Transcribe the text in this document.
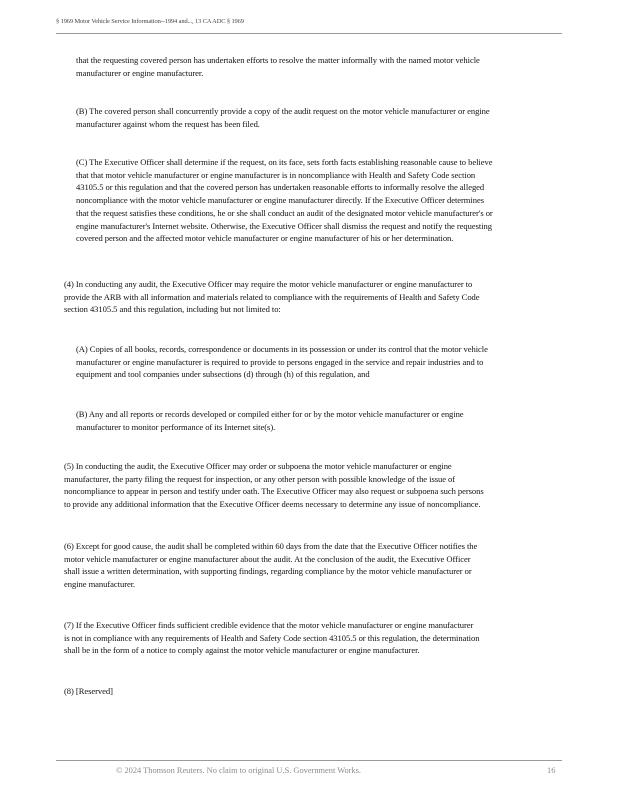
§ 1969 Motor Vehicle Service Information--1994 and..., 13 CA ADC § 1969

that the requesting covered person has undertaken efforts to resolve the matter informally with the named motor vehicle
manufacturer or engine manufacturer.

(B) The covered person shall concurrently provide a copy of the audit request on the motor vehicle manufacturer or engine
manufacturer against whom the request has been filed.

(C) The Executive Officer shall determine if the request, on its face, sets forth facts establishing reasonable cause to believe
that that motor vehicle manufacturer or engine manufacturer is in noncompliance with Health and Safety Code section
43105.5 or this regulation and that the covered person has undertaken reasonable efforts to informally resolve the alleged
noncompliance with the motor vehicle manufacturer or engine manufacturer directly. If the Executive Officer determines
that the request satisfies these conditions, he or she shall conduct an audit of the designated motor vehicle manufacturer's or
engine manufacturer's Internet website. Otherwise, the Executive Officer shall dismiss the request and notify the requesting
covered person and the affected motor vehicle manufacturer or engine manufacturer of his or her determination.

(4) In conducting any audit, the Executive Officer may require the motor vehicle manufacturer or engine manufacturer to
provide the ARB with all information and materials related to compliance with the requirements of Health and Safety Code
section 43105.5 and this regulation, including but not limited to:

(A) Copies of all books, records, correspondence or documents in its possession or under its control that the motor vehicle
manufacturer or engine manufacturer is required to provide to persons engaged in the service and repair industries and to
equipment and tool companies under subsections (d) through (h) of this regulation, and

(B) Any and all reports or records developed or compiled either for or by the motor vehicle manufacturer or engine
manufacturer to monitor performance of its Internet site(s).

(5) In conducting the audit, the Executive Officer may order or subpoena the motor vehicle manufacturer or engine
manufacturer, the party filing the request for inspection, or any other person with possible knowledge of the issue of
noncompliance to appear in person and testify under oath. The Executive Officer may also request or subpoena such persons
to provide any additional information that the Executive Officer deems necessary to determine any issue of noncompliance.

(6) Except for good cause, the audit shall be completed within 60 days from the date that the Executive Officer notifies the
motor vehicle manufacturer or engine manufacturer about the audit. At the conclusion of the audit, the Executive Officer
shall issue a written determination, with supporting findings, regarding compliance by the motor vehicle manufacturer or
engine manufacturer.

(7) If the Executive Officer finds sufficient credible evidence that the motor vehicle manufacturer or engine manufacturer
is not in compliance with any requirements of Health and Safety Code section 43105.5 or this regulation, the determination
shall be in the form of a notice to comply against the motor vehicle manufacturer or engine manufacturer.

(8) [Reserved]

© 2024 Thomson Reuters. No claim to original U.S. Government Works.	16
